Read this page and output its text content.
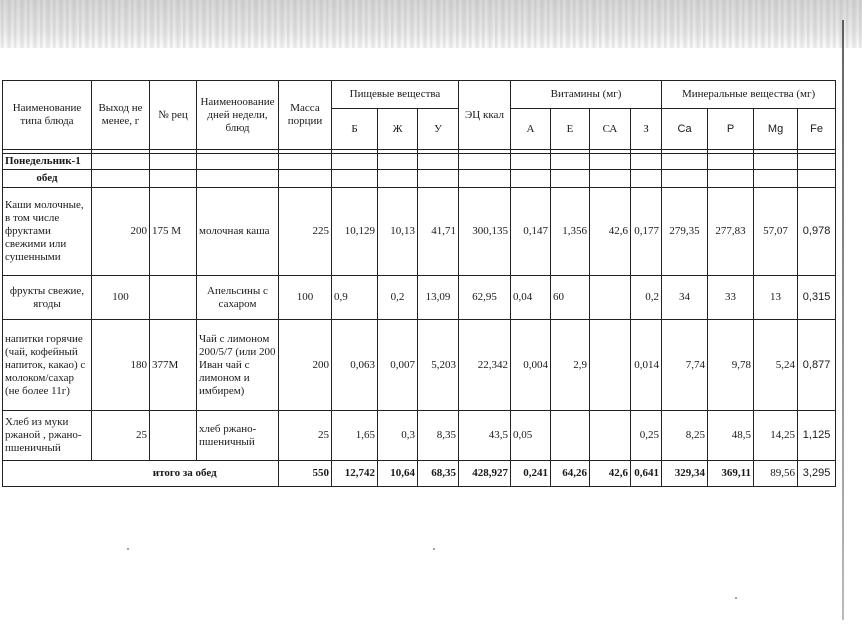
Наименование типа блюда	Выход не менее, г	№ рец	Наименоование дней недели, блюд	Масса порции	Пищевые вещества			ЭЦ ккал	Витамины (мг)				Минеральные вещества (мг)			
					Б	Ж	У		А	Е	СА	З	Ca	P	Mg	Fe

Понедельник-1																
обед																
Каши молочные, в том числе фруктами свежими или сушенными	200	175 М	молочная каша	225	10,129	10,13	41,71	300,135	0,147	1,356	42,6	0,177	279,35	277,83	57,07	0,978
фрукты свежие, ягоды	100		Апельсины с сахаром	100	0,9	0,2	13,09	62,95	0,04	60		0,2	34	33	13	0,315
напитки горячие (чай, кофейный напиток, какао) с молоком/сахар (не более 11г)	180	377М	Чай с лимоном 200/5/7 (или 200 Иван чай с лимоном и имбирем)	200	0,063	0,007	5,203	22,342	0,004	2,9		0,014	7,74	9,78	5,24	0,877
Хлеб из муки ржаной , ржано-пшеничный	25		хлеб ржано-пшеничный	25	1,65	0,3	8,35	43,5	0,05			0,25	8,25	48,5	14,25	1,125
	итого за обед			550	12,742	10,64	68,35	428,927	0,241	64,26	42,6	0,641	329,34	369,11	89,56	3,295
